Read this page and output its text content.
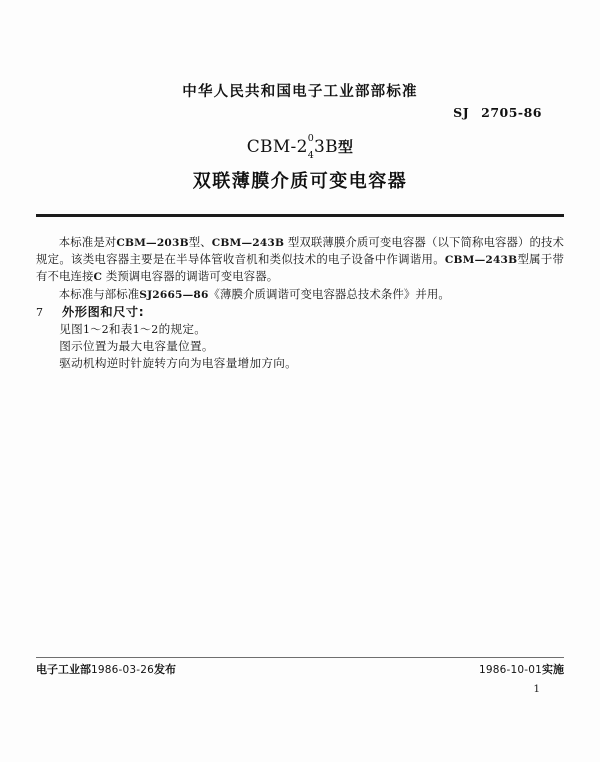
中华人民共和国电子工业部部标准
SJ 2705-86
CBM-2 0
4 3B型
双联薄膜介质可变电容器

本标准是对CBM—203B型、CBM—243B 型双联薄膜介质可变电容器（以下简称电容器）的技术规定。该类电容器主要是在半导体管收音机和类似技术的电子设备中作调谐用。CBM—243B型属于带有不电连接C 类预调电容器的调谐可变电容器。

本标准与部标准SJ2665—86《薄膜介质调谐可变电容器总技术条件》并用。

7	外形图和尺寸:
见图1～2和表1～2的规定。
图示位置为最大电容量位置。
驱动机构逆时针旋转方向为电容量增加方向。
电子工业部1986-03-26发布	1986-10-01实施
1
